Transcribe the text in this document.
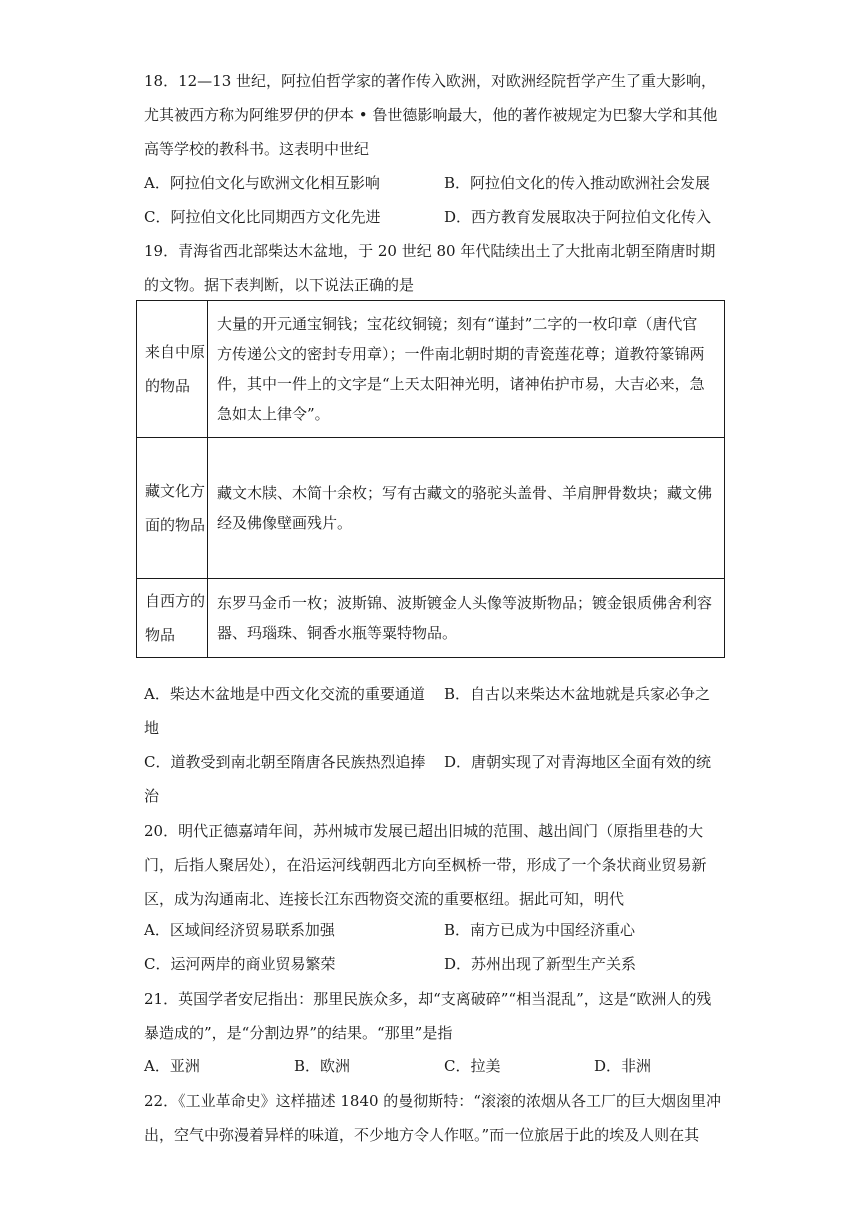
18．12—13 世纪，阿拉伯哲学家的著作传入欧洲，对欧洲经院哲学产生了重大影响，尤其被西方称为阿维罗伊的伊本 • 鲁世德影响最大，他的著作被规定为巴黎大学和其他高等学校的教科书。这表明中世纪

A．阿拉伯文化与欧洲文化相互影响	B．阿拉伯文化的传入推动欧洲社会发展
C．阿拉伯文化比同期西方文化先进	D．西方教育发展取决于阿拉伯文化传入

19．青海省西北部柴达木盆地，于 20 世纪 80 年代陆续出土了大批南北朝至隋唐时期的文物。据下表判断，以下说法正确的是

来自中原的物品	大量的开元通宝铜钱；宝花纹铜镜；刻有“谨封”二字的一枚印章（唐代官方传递公文的密封专用章）；一件南北朝时期的青瓷莲花尊；道教符篆锦两件，其中一件上的文字是“上天太阳神光明，诸神佑护市易，大吉必来，急急如太上律令”。
藏文化方面的物品	藏文木牍、木简十余枚；写有古藏文的骆驼头盖骨、羊肩胛骨数块；藏文佛经及佛像壁画残片。
自西方的物品	东罗马金币一枚；波斯锦、波斯镀金人头像等波斯物品；镀金银质佛舍利容器、玛瑙珠、铜香水瓶等粟特物品。
A．柴达木盆地是中西文化交流的重要通道 B．自古以来柴达木盆地就是兵家必争之
地
C．道教受到南北朝至隋唐各民族热烈追捧 D．唐朝实现了对青海地区全面有效的统
治

20．明代正德嘉靖年间，苏州城市发展已超出旧城的范围、越出闾门（原指里巷的大门，后指人聚居处），在沿运河线朝西北方向至枫桥一带，形成了一个条状商业贸易新区，成为沟通南北、连接长江东西物资交流的重要枢纽。据此可知，明代

A．区域间经济贸易联系加强	B．南方已成为中国经济重心
C．运河两岸的商业贸易繁荣	D．苏州出现了新型生产关系

21．英国学者安尼指出：那里民族众多，却“支离破碎”“相当混乱”，这是“欧洲人的残暴造成的”，是“分割边界”的结果。“那里”是指

A．亚洲	B．欧洲	C．拉美	D．非洲

22．《工业革命史》这样描述 1840 的曼彻斯特：“滚滚的浓烟从各工厂的巨大烟囱里冲出，空气中弥漫着异样的味道，不少地方令人作呕。”而一位旅居于此的埃及人则在其
